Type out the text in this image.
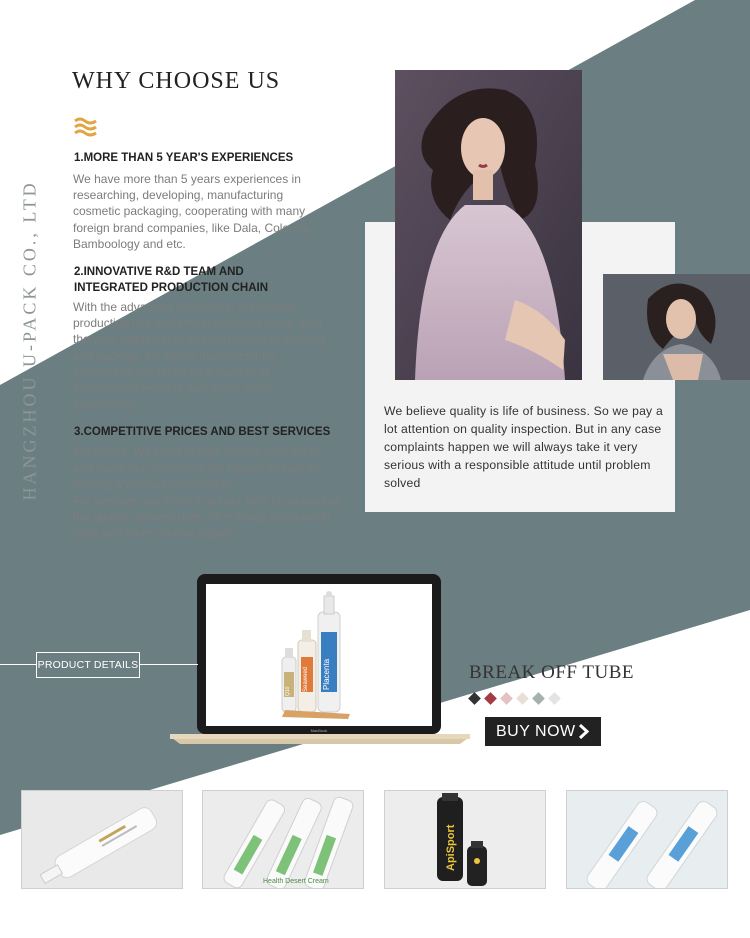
HANGZHOU U-PACK CO., LTD
WHY CHOOSE US
1.MORE THAN 5 YEAR'S EXPERIENCES

We have more than 5 years experiences in researching, developing, manufacturing cosmetic packaging, cooperating with many foreign brand companies, like Dala, Colorbar, Bamboology and etc.

2.INNOVATIVE R&D TEAM AND INTEGRATED PRODUCTION CHAIN

With the advanced equipment, automated production line and strong technical force, from the very beginning of opening mould to shaping and packing, the whole manufacturing procedures are taken by a number of experienced workers and under close supervision.

3.COMPETITIVE PRICES AND BEST SERVICES

For prices, We insist to offer factory cost prices and leave our customers the largest margin for making a win-win cooperation.

For services, we insist to do our best to guanantee the quality, delivery date, offer timely consulation reply and other relative aspect.

We believe quality is life of business. So we pay a lot attention on quality inspection. But in any case complaints happen we will always take it very serious with a responsible attitude until problem solved
MacBook
Placenta
Seaweed
Q10
PRODUCT DETAILS	BREAK OFF TUBE
BUY NOW
Health Desert Cream
ApiSport
